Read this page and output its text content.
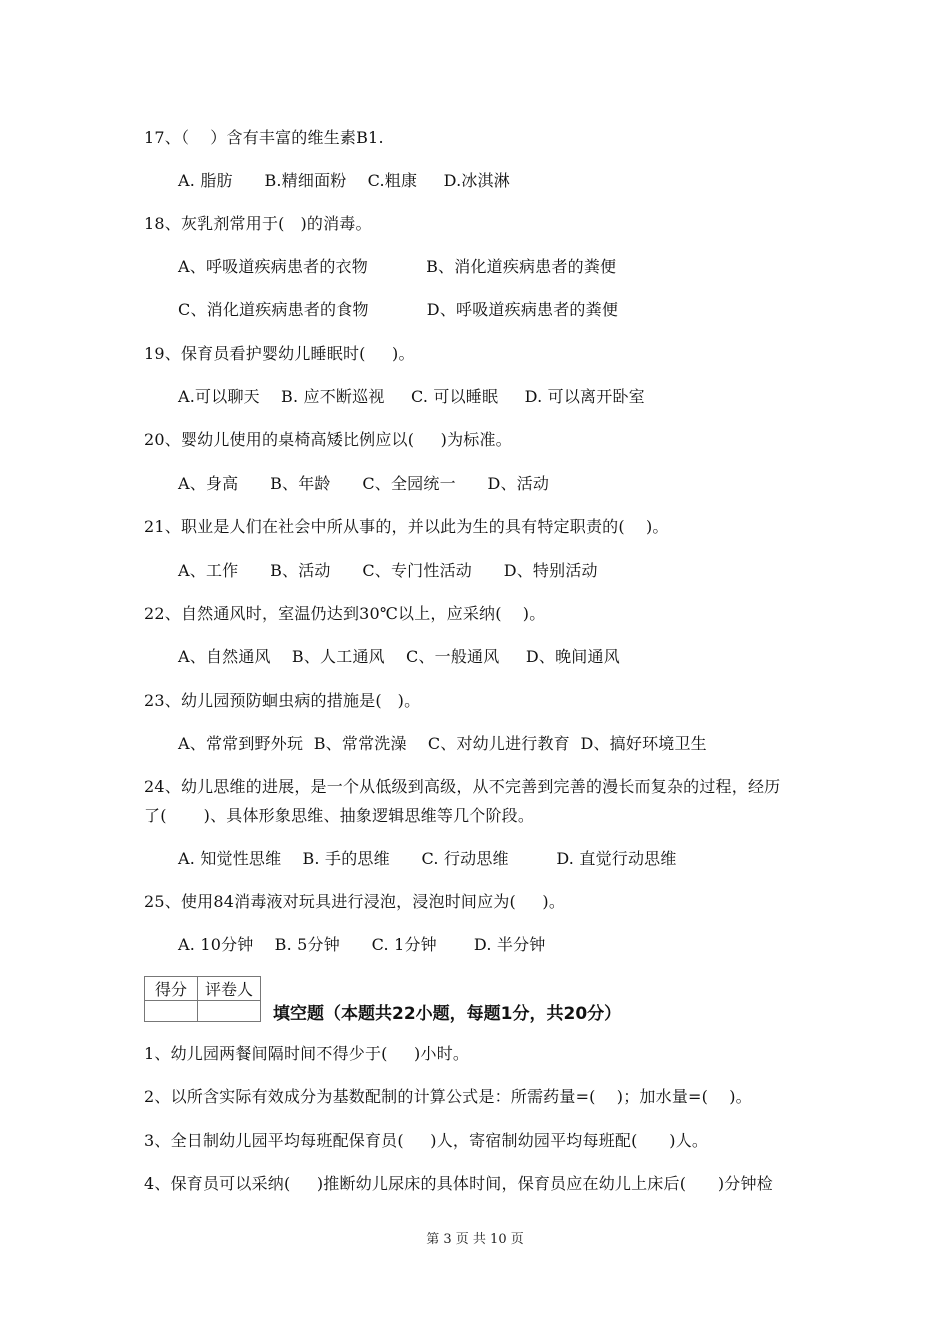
17、（    ）含有丰富的维生素B1.
A. 脂肪      B.精细面粉    C.粗康     D.冰淇淋
18、灰乳剂常用于(   )的消毒。
A、呼吸道疾病患者的衣物           B、消化道疾病患者的粪便
C、消化道疾病患者的食物           D、呼吸道疾病患者的粪便
19、保育员看护婴幼儿睡眠时(     )。
A.可以聊天    B. 应不断巡视     C. 可以睡眠     D. 可以离开卧室
20、婴幼儿使用的桌椅高矮比例应以(     )为标准。
A、身高      B、年龄      C、全园统一      D、活动
21、职业是人们在社会中所从事的，并以此为生的具有特定职责的(    )。
A、工作      B、活动      C、专门性活动      D、特别活动
22、自然通风时，室温仍达到30℃以上，应采纳(    )。
A、自然通风    B、人工通风    C、一般通风     D、晚间通风
23、幼儿园预防蛔虫病的措施是(   )。
A、常常到野外玩  B、常常洗澡    C、对幼儿进行教育  D、搞好环境卫生
24、幼儿思维的进展，是一个从低级到高级，从不完善到完善的漫长而复杂的过程，经历
了(       )、具体形象思维、抽象逻辑思维等几个阶段。
A. 知觉性思维    B. 手的思维      C. 行动思维         D. 直觉行动思维
25、使用84消毒液对玩具进行浸泡，浸泡时间应为(     )。
A. 10分钟    B. 5分钟      C. 1分钟       D. 半分钟
得分	评卷人

填空题（本题共22小题，每题1分，共20分）
1、幼儿园两餐间隔时间不得少于(     )小时。
2、以所含实际有效成分为基数配制的计算公式是：所需药量=(    )；加水量=(    )。
3、全日制幼儿园平均每班配保育员(     )人，寄宿制幼园平均每班配(      )人。
4、保育员可以采纳(     )推断幼儿尿床的具体时间，保育员应在幼儿上床后(      )分钟检
第 3 页 共 10 页
